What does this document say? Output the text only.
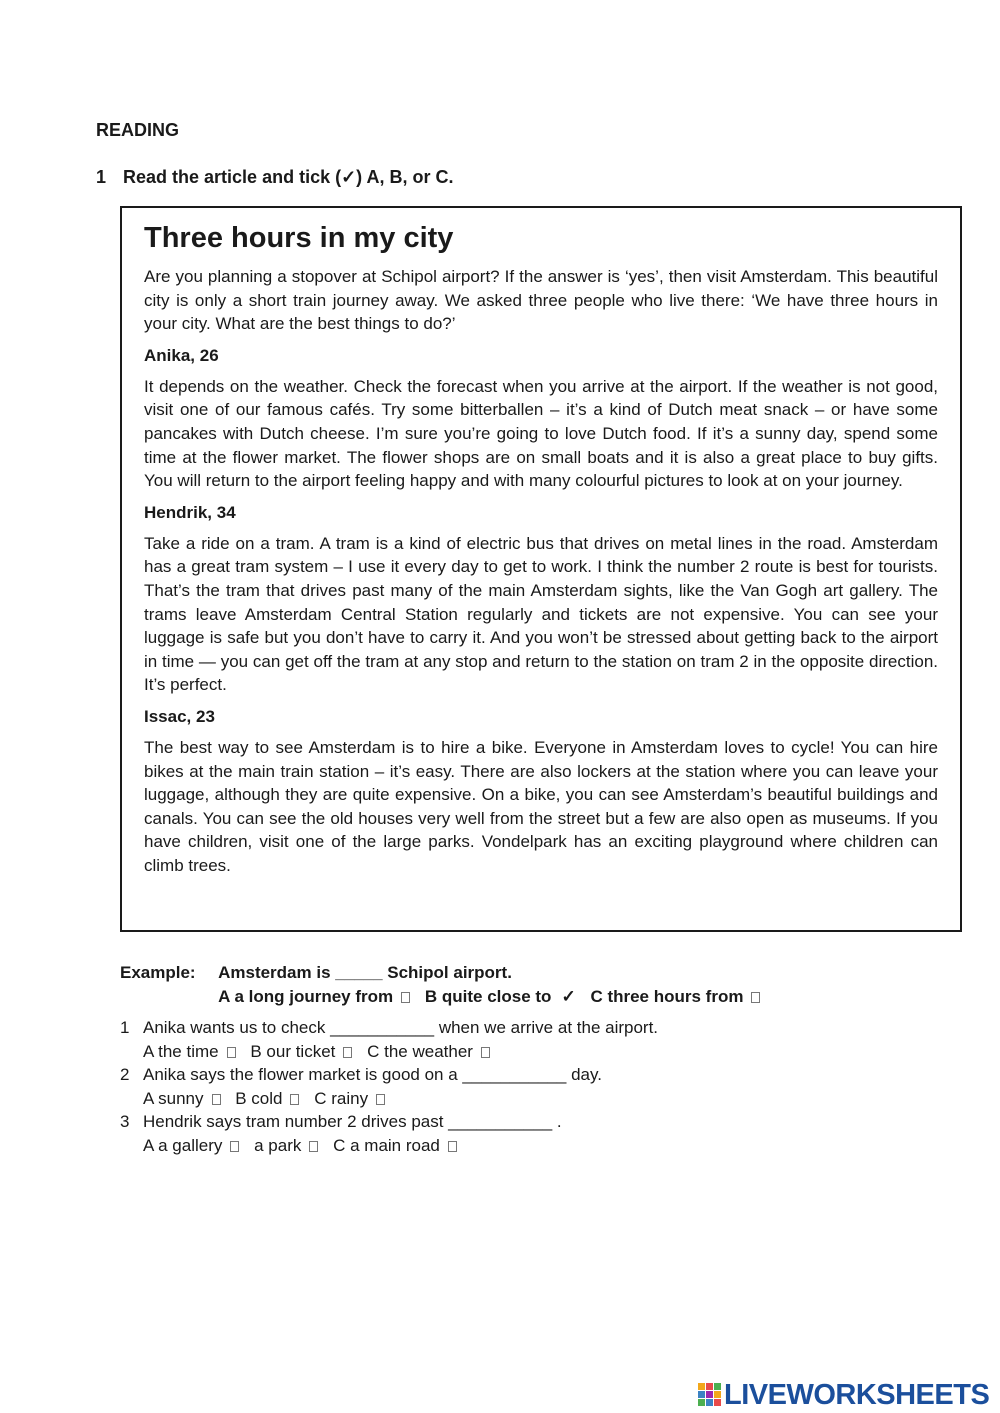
READING
1 Read the article and tick (✓) A, B, or C.
Three hours in my city

Are you planning a stopover at Schipol airport? If the answer is ‘yes’, then visit Amsterdam. This beautiful city is only a short train journey away. We asked three people who live there: ‘We have three hours in your city. What are the best things to do?’

Anika, 26

It depends on the weather. Check the forecast when you arrive at the airport. If the weather is not good, visit one of our famous cafés. Try some bitterballen – it’s a kind of Dutch meat snack – or have some pancakes with Dutch cheese. I’m sure you’re going to love Dutch food. If it’s a sunny day, spend some time at the flower market. The flower shops are on small boats and it is also a great place to buy gifts. You will return to the airport feeling happy and with many colourful pictures to look at on your journey.

Hendrik, 34

Take a ride on a tram. A tram is a kind of electric bus that drives on metal lines in the road. Amsterdam has a great tram system – I use it every day to get to work. I think the number 2 route is best for tourists. That’s the tram that drives past many of the main Amsterdam sights, like the Van Gogh art gallery. The trams leave Amsterdam Central Station regularly and tickets are not expensive. You can see your luggage is safe but you don’t have to carry it. And you won’t be stressed about getting back to the airport in time — you can get off the tram at any stop and return to the station on tram 2 in the opposite direction. It’s perfect.

Issac, 23

The best way to see Amsterdam is to hire a bike. Everyone in Amsterdam loves to cycle! You can hire bikes at the main train station – it’s easy. There are also lockers at the station where you can leave your luggage, although they are quite expensive. On a bike, you can see Amsterdam’s beautiful buildings and canals. You can see the old houses very well from the street but a few are also open as museums. If you have children, visit one of the large parks. Vondelpark has an exciting playground where children can climb trees.

Example: Amsterdam is _____ Schipol airport.
A a long journey from B quite close to ✓ C three hours from
1 Anika wants us to check ___________ when we arrive at the airport.
A the time B our ticket C the weather
2 Anika says the flower market is good on a ___________ day.
A sunny B cold C rainy
3 Hendrik says tram number 2 drives past ___________ .
A a gallery a park C a main road
LIVEWORKSHEETS
